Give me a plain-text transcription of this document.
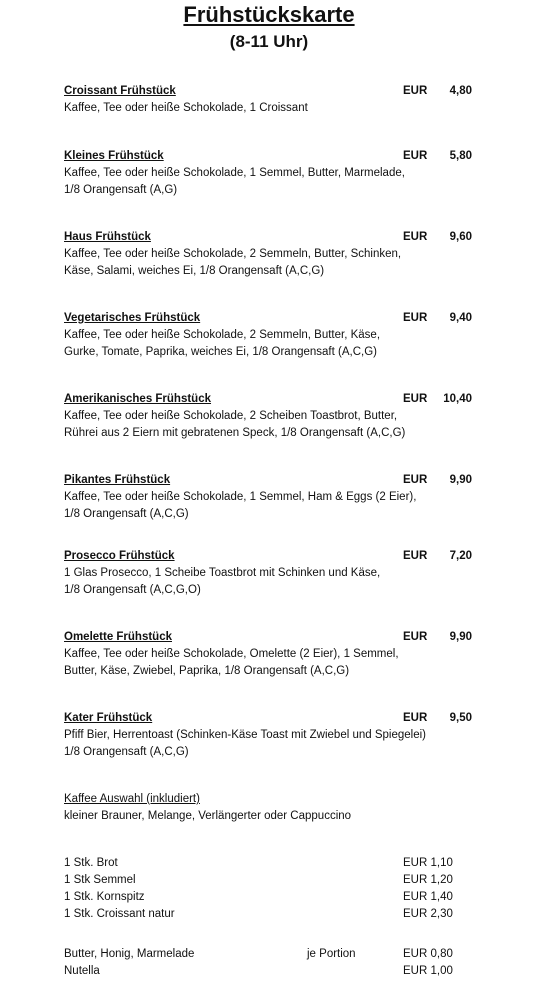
Frühstückskarte
(8-11 Uhr)
Croissant Frühstück	EUR	4,80
Kaffee, Tee oder heiße Schokolade, 1 Croissant
Kleines Frühstück	EUR	5,80
Kaffee, Tee oder heiße Schokolade, 1 Semmel, Butter, Marmelade,
1/8 Orangensaft (A,G)
Haus Frühstück	EUR	9,60
Kaffee, Tee oder heiße Schokolade, 2 Semmeln, Butter, Schinken,
Käse, Salami, weiches Ei, 1/8 Orangensaft (A,C,G)
Vegetarisches Frühstück	EUR	9,40
Kaffee, Tee oder heiße Schokolade, 2 Semmeln, Butter, Käse,
Gurke, Tomate, Paprika, weiches Ei, 1/8 Orangensaft (A,C,G)
Amerikanisches Frühstück	EUR	10,40
Kaffee, Tee oder heiße Schokolade, 2 Scheiben Toastbrot, Butter,
Rührei aus 2 Eiern mit gebratenen Speck, 1/8 Orangensaft (A,C,G)
Pikantes Frühstück	EUR	9,90
Kaffee, Tee oder heiße Schokolade, 1 Semmel, Ham & Eggs (2 Eier),
1/8 Orangensaft (A,C,G)
Prosecco Frühstück	EUR	7,20
1 Glas Prosecco, 1 Scheibe Toastbrot mit Schinken und Käse,
1/8 Orangensaft (A,C,G,O)
Omelette Frühstück	EUR	9,90
Kaffee, Tee oder heiße Schokolade, Omelette (2 Eier), 1 Semmel,
Butter, Käse, Zwiebel, Paprika, 1/8 Orangensaft (A,C,G)
Kater Frühstück	EUR	9,50
Pfiff Bier, Herrentoast (Schinken-Käse Toast mit Zwiebel und Spiegelei)
1/8 Orangensaft (A,C,G)
Kaffee Auswahl (inkludiert)
kleiner Brauner, Melange, Verlängerter oder Cappuccino
1 Stk. Brot	EUR 1,10
1 Stk Semmel	EUR 1,20
1 Stk. Kornspitz	EUR 1,40
1 Stk. Croissant natur	EUR 2,30
Butter, Honig, Marmelade	je Portion	EUR 0,80
Nutella	EUR 1,00
